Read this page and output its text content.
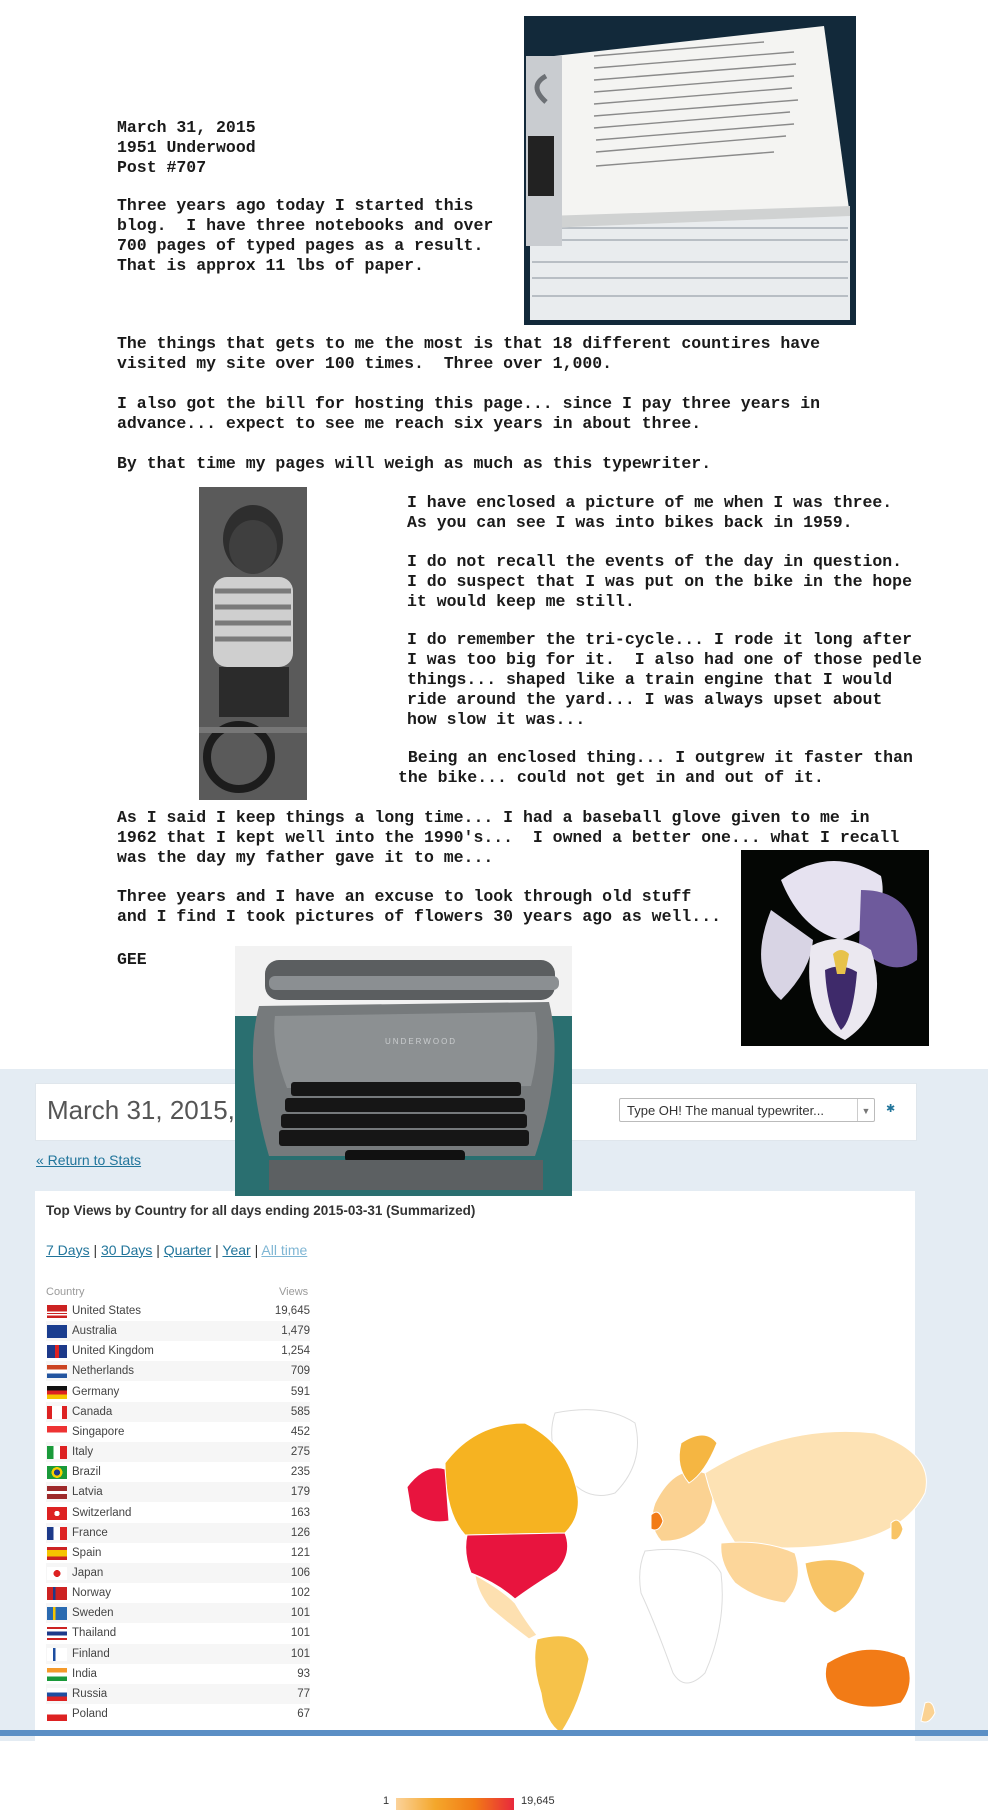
March 31, 2015
1951 Underwood
Post #707
Three years ago today I started this
blog.  I have three notebooks and over
700 pages of typed pages as a result.
That is approx 11 lbs of paper.
The things that gets to me the most is that 18 different countires have
visited my site over 100 times.  Three over 1,000.
I also got the bill for hosting this page... since I pay three years in
advance... expect to see me reach six years in about three.
By that time my pages will weigh as much as this typewriter.
I have enclosed a picture of me when I was three.
As you can see I was into bikes back in 1959.
I do not recall the events of the day in question.
I do suspect that I was put on the bike in the hope
it would keep me still.
I do remember the tri-cycle... I rode it long after
I was too big for it.  I also had one of those pedle
things... shaped like a train engine that I would
ride around the yard... I was always upset about
how slow it was...
Being an enclosed thing... I outgrew it faster than
the bike... could not get in and out of it.
As I said I keep things a long time... I had a baseball glove given to me in
1962 that I kept well into the 1990's...  I owned a better one... what I recall
was the day my father gave it to me...
Three years and I have an excuse to look through old stuff
and I find I took pictures of flowers 30 years ago as well...
GEE
UNDERWOOD
March 31, 2015,	Type OH! The manual typewriter...	▼	✱
« Return to Stats
Top Views by Country for all days ending 2015-03-31 (Summarized)
7 Days | 30 Days | Quarter | Year | All time
Country	Views
United States	19,645
Australia	1,479
United Kingdom	1,254
Netherlands	709
Germany	591
Canada	585
Singapore	452
Italy	275
Brazil	235
Latvia	179
Switzerland	163
France	126
Spain	121
Japan	106
Norway	102
Sweden	101
Thailand	101
Finland	101
India	93
Russia	77
Poland	67
1	19,645
